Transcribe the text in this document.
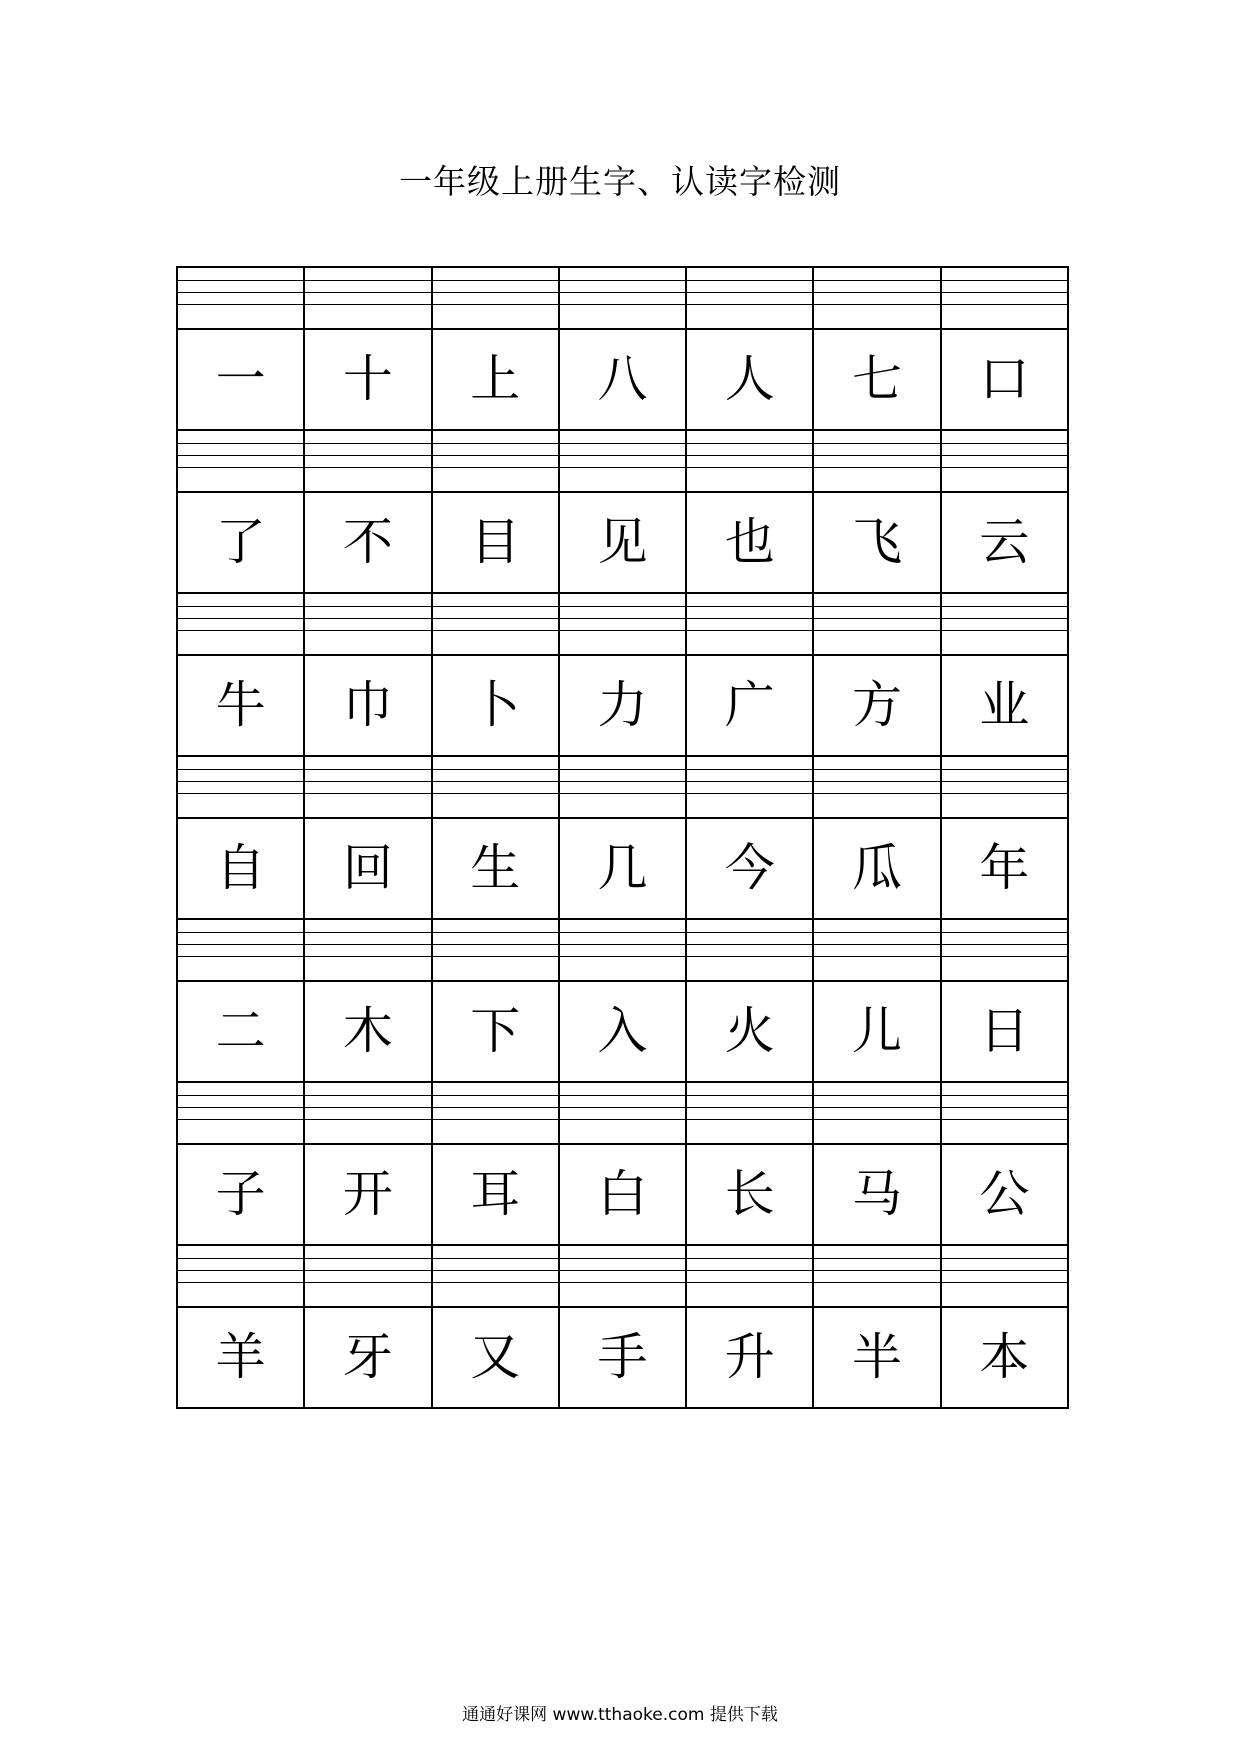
一年级上册生字、认读字检测

一	十	上	八	人	七	口

了	不	目	见	也	飞	云

牛	巾	卜	力	广	方	业

自	回	生	几	今	瓜	年

二	木	下	入	火	儿	日

子	开	耳	白	长	马	公

羊	牙	又	手	升	半	本
通通好课网 www.tthaoke.com 提供下载
